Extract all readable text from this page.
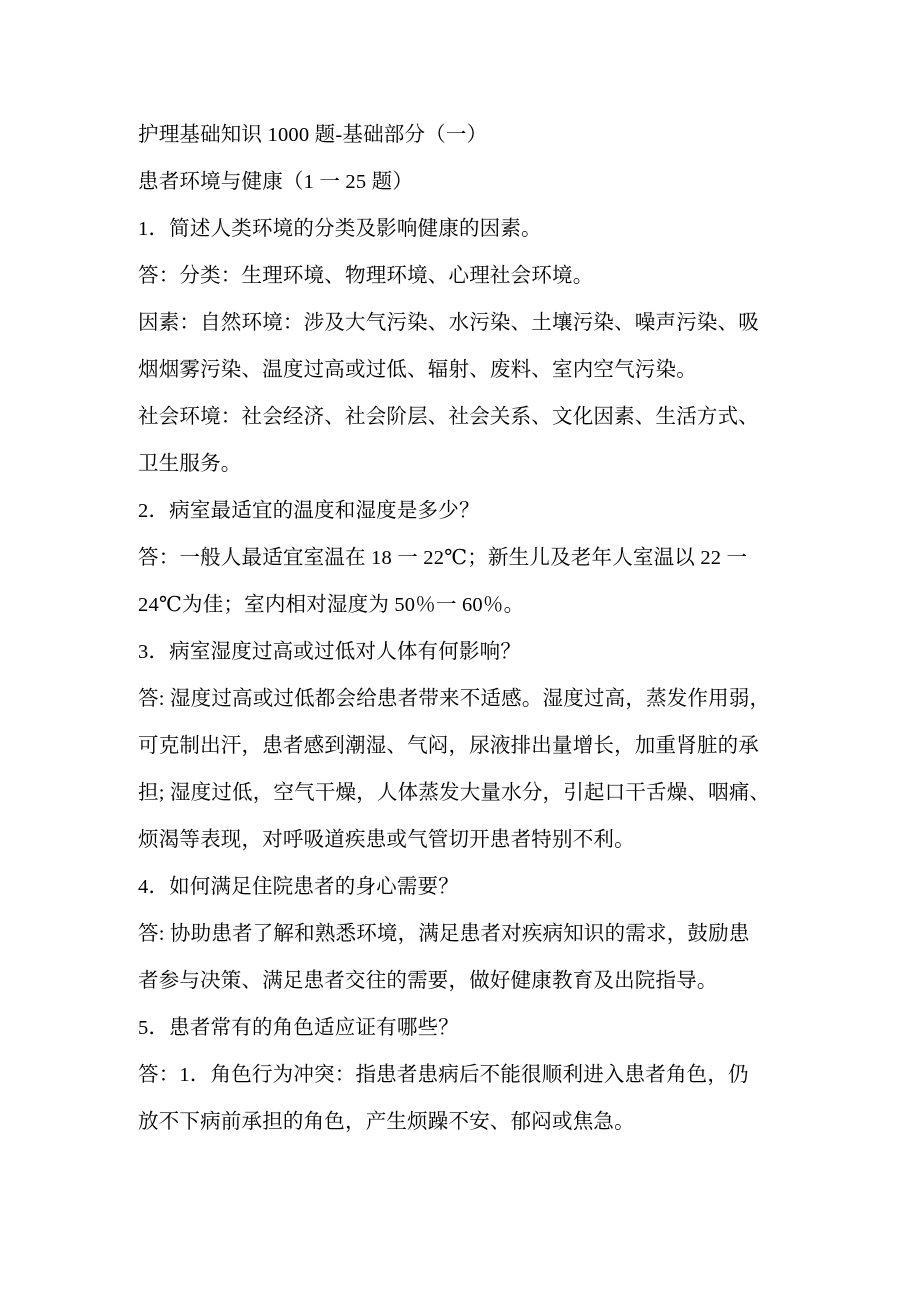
护理基础知识 1000 题-基础部分（一）

患者环境与健康（1 一 25 题）

1．简述人类环境的分类及影响健康的因素。

答：分类：生理环境、物理环境、心理社会环境。

因素：自然环境：涉及大气污染、水污染、土壤污染、噪声污染、吸

烟烟雾污染、温度过高或过低、辐射、废料、室内空气污染。

社会环境：社会经济、社会阶层、社会关系、文化因素、生活方式、

卫生服务。

2．病室最适宜的温度和湿度是多少？

答：一般人最适宜室温在 18 一 22℃；新生儿及老年人室温以 22 一

24℃为佳；室内相对湿度为 50％一 60％。

3．病室湿度过高或过低对人体有何影响？

答: 湿度过高或过低都会给患者带来不适感。湿度过高，蒸发作用弱，

可克制出汗，患者感到潮湿、气闷，尿液排出量增长，加重肾脏的承

担; 湿度过低，空气干燥，人体蒸发大量水分，引起口干舌燥、咽痛、

烦渴等表现，对呼吸道疾患或气管切开患者特别不利。

4．如何满足住院患者的身心需要？

答: 协助患者了解和熟悉环境，满足患者对疾病知识的需求，鼓励患

者参与决策、满足患者交往的需要，做好健康教育及出院指导。

5．患者常有的角色适应证有哪些？

答：1．角色行为冲突：指患者患病后不能很顺利进入患者角色，仍

放不下病前承担的角色，产生烦躁不安、郁闷或焦急。
